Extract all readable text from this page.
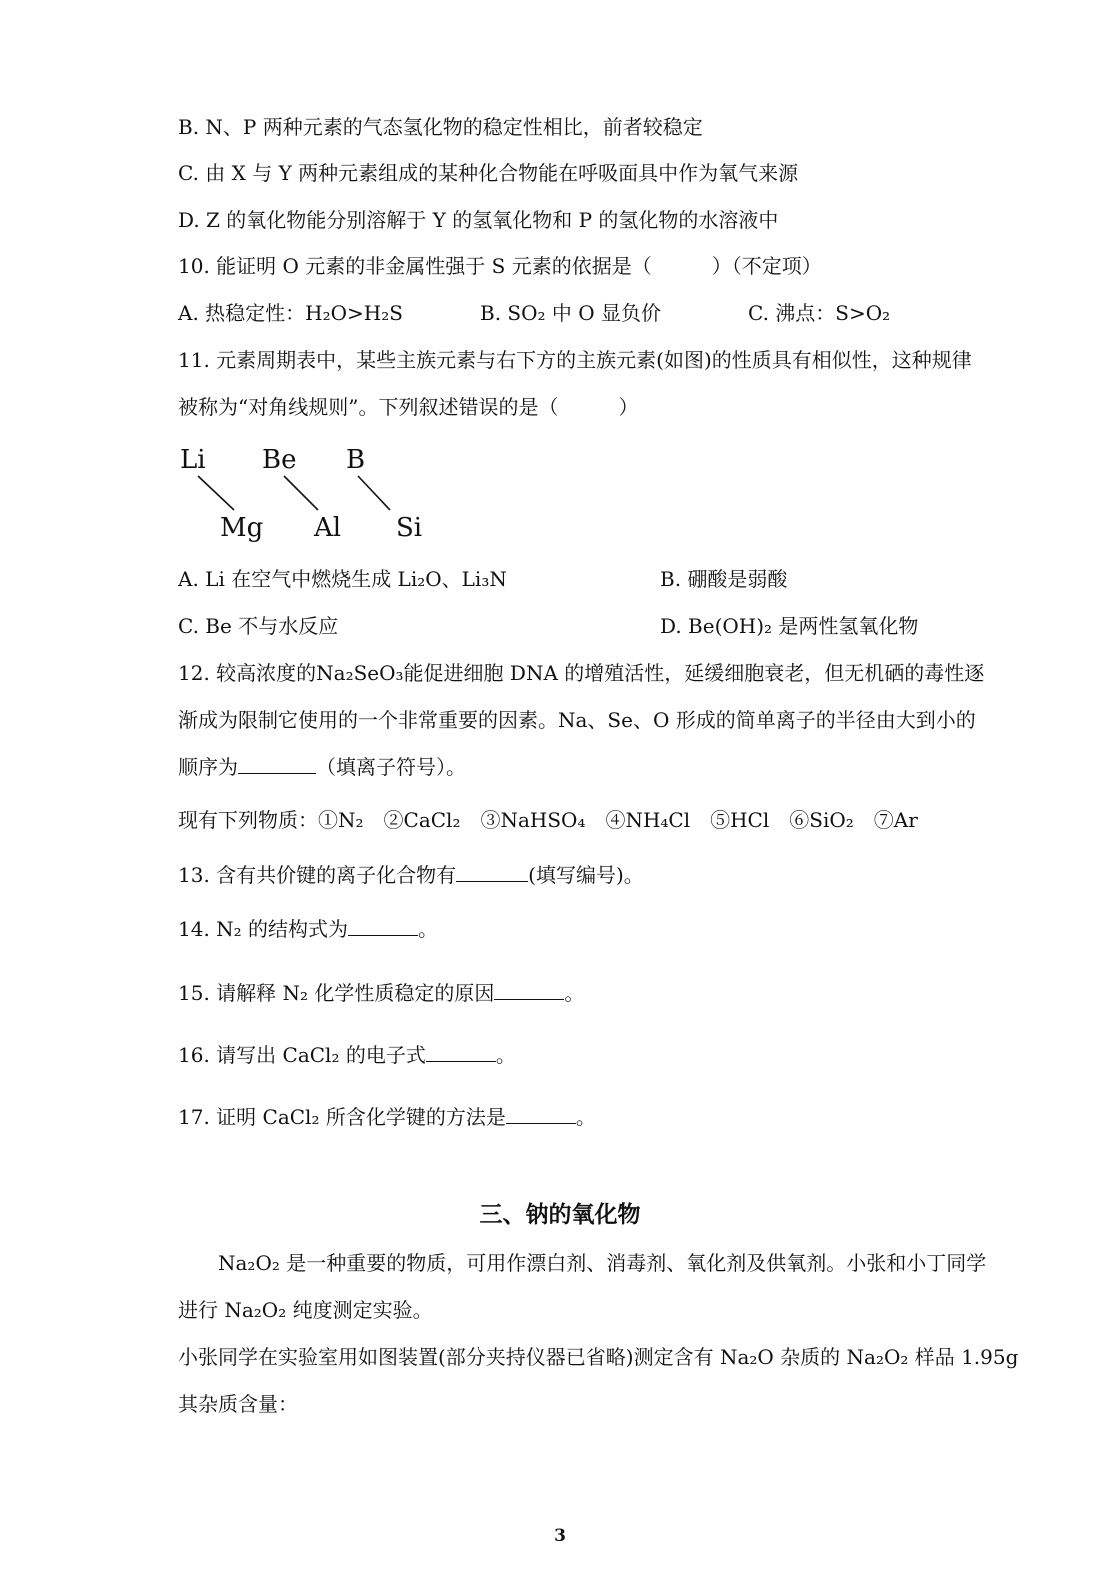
B. N、P 两种元素的气态氢化物的稳定性相比，前者较稳定
C. 由 X 与 Y 两种元素组成的某种化合物能在呼吸面具中作为氧气来源
D. Z 的氧化物能分别溶解于 Y 的氢氧化物和 P 的氢化物的水溶液中
10. 能证明 O 元素的非金属性强于 S 元素的依据是（　　　）（不定项）
A. 热稳定性：H₂O>H₂S	B. SO₂ 中 O 显负价	C. 沸点：S>O₂
11. 元素周期表中，某些主族元素与右下方的主族元素(如图)的性质具有相似性，这种规律
被称为“对角线规则”。下列叙述错误的是（　　　）
Li Be B
Mg Al Si
A. Li 在空气中燃烧生成 Li₂O、Li₃N	B. 硼酸是弱酸
C. Be 不与水反应	D. Be(OH)₂ 是两性氢氧化物
12. 较高浓度的Na₂SeO₃能促进细胞 DNA 的增殖活性，延缓细胞衰老，但无机硒的毒性逐
渐成为限制它使用的一个非常重要的因素。Na、Se、O 形成的简单离子的半径由大到小的
顺序为	（填离子符号）。
现有下列物质：①N₂　②CaCl₂　③NaHSO₄　④NH₄Cl　⑤HCl　⑥SiO₂　⑦Ar
13. 含有共价键的离子化合物有	(填写编号)。
14. N₂ 的结构式为	。
15. 请解释 N₂ 化学性质稳定的原因	。
16. 请写出 CaCl₂ 的电子式	。
17. 证明 CaCl₂ 所含化学键的方法是	。
三、钠的氧化物
　　Na₂O₂ 是一种重要的物质，可用作漂白剂、消毒剂、氧化剂及供氧剂。小张和小丁同学
进行 Na₂O₂ 纯度测定实验。
小张同学在实验室用如图装置(部分夹持仪器已省略)测定含有 Na₂O 杂质的 Na₂O₂ 样品 1.95g
其杂质含量：
3
